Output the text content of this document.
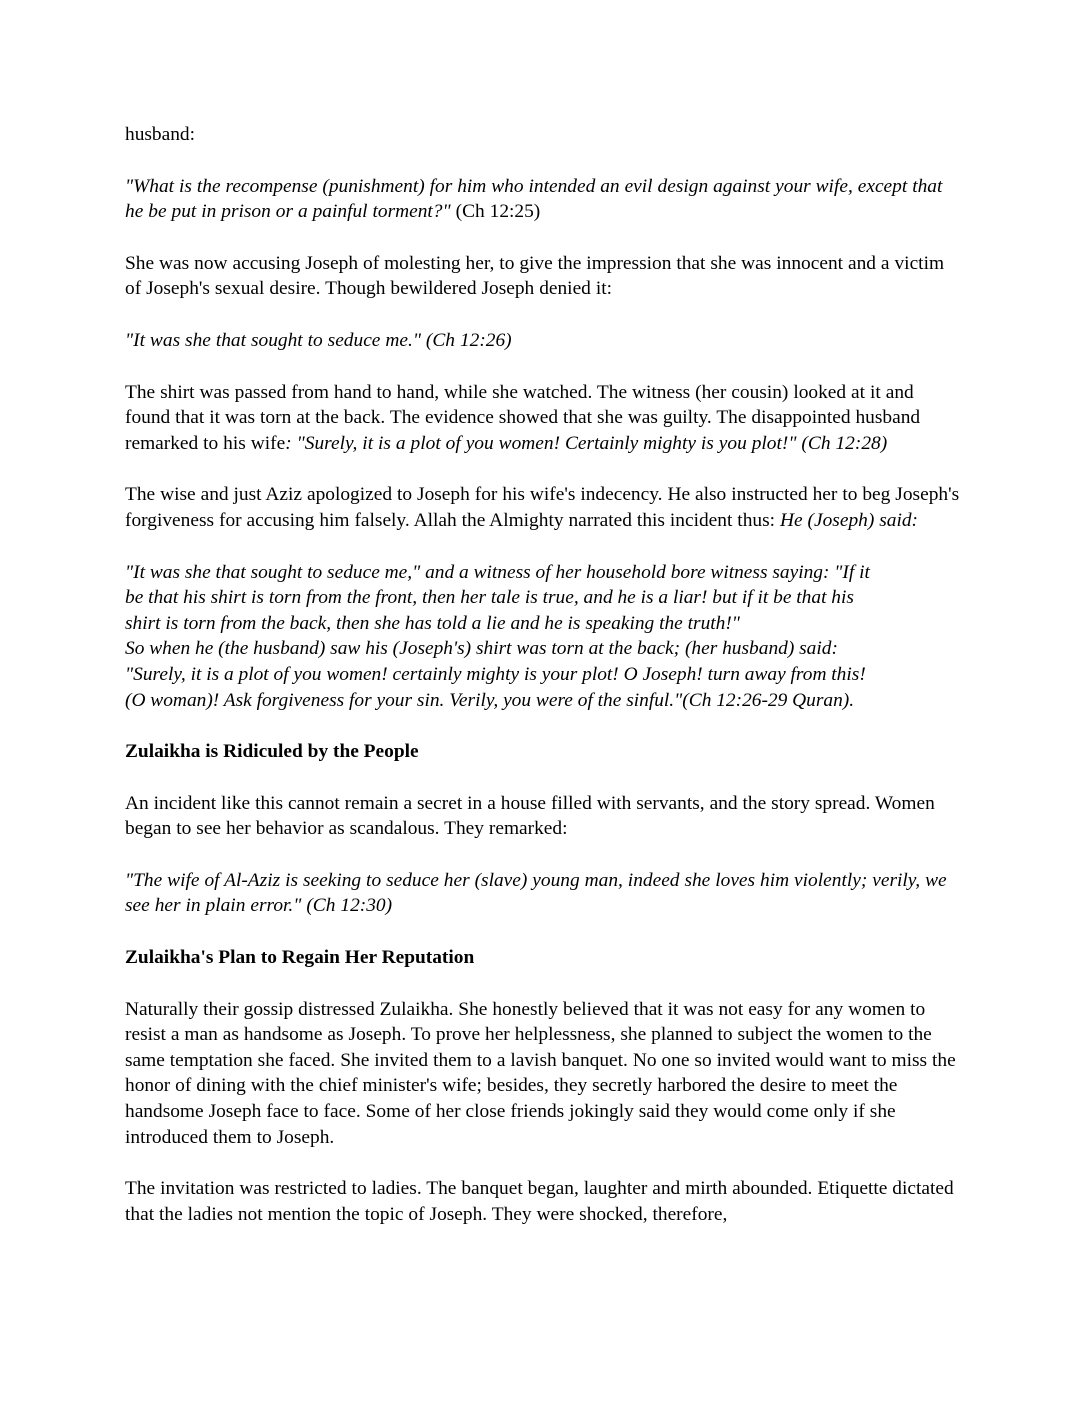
husband:

"What is the recompense (punishment) for him who intended an evil design against your wife, except that he be put in prison or a painful torment?" (Ch 12:25)

She was now accusing Joseph of molesting her, to give the impression that she was innocent and a victim of Joseph's sexual desire. Though bewildered Joseph denied it:

"It was she that sought to seduce me." (Ch 12:26)

The shirt was passed from hand to hand, while she watched. The witness (her cousin) looked at it and found that it was torn at the back. The evidence showed that she was guilty. The disappointed husband remarked to his wife: "Surely, it is a plot of you women! Certainly mighty is you plot!" (Ch 12:28)

The wise and just Aziz apologized to Joseph for his wife's indecency. He also instructed her to beg Joseph's forgiveness for accusing him falsely. Allah the Almighty narrated this incident thus: He (Joseph) said:

"It was she that sought to seduce me," and a witness of her household bore witness saying: "If it
be that his shirt is torn from the front, then her tale is true, and he is a liar! but if it be that his
shirt is torn from the back, then she has told a lie and he is speaking the truth!"
So when he (the husband) saw his (Joseph's) shirt was torn at the back; (her husband) said:
"Surely, it is a plot of you women! certainly mighty is your plot! O Joseph! turn away from this!
(O woman)! Ask forgiveness for your sin. Verily, you were of the sinful."(Ch 12:26-29 Quran).
Zulaikha is Ridiculed by the People

An incident like this cannot remain a secret in a house filled with servants, and the story spread. Women began to see her behavior as scandalous. They remarked:

"The wife of Al-Aziz is seeking to seduce her (slave) young man, indeed she loves him violently; verily, we see her in plain error." (Ch 12:30)

Zulaikha's Plan to Regain Her Reputation

Naturally their gossip distressed Zulaikha. She honestly believed that it was not easy for any women to resist a man as handsome as Joseph. To prove her helplessness, she planned to subject the women to the same temptation she faced. She invited them to a lavish banquet. No one so invited would want to miss the honor of dining with the chief minister's wife; besides, they secretly harbored the desire to meet the handsome Joseph face to face. Some of her close friends jokingly said they would come only if she introduced them to Joseph.

The invitation was restricted to ladies. The banquet began, laughter and mirth abounded. Etiquette dictated that the ladies not mention the topic of Joseph. They were shocked, therefore,
